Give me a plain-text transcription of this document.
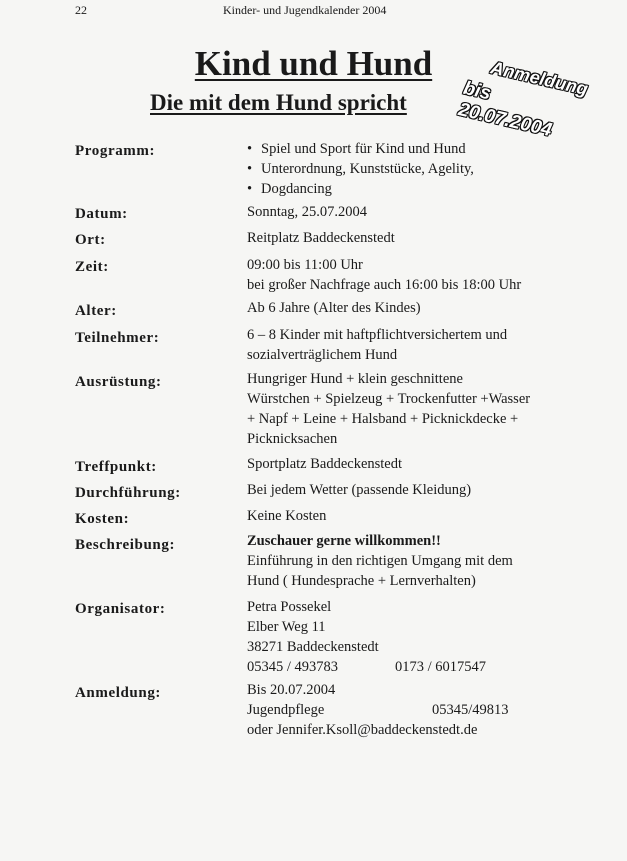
22	Kinder- und Jugendkalender 2004
Kind und Hund
Die mit dem Hund spricht
Anmeldung
bis 20.07.2004
Programm:
•	Spiel und Sport für Kind und Hund
• Unterordnung, Kunststücke, Agelity,
• Dogdancing
Datum:	Sonntag, 25.07.2004
Ort:	Reitplatz Baddeckenstedt
Zeit:	09:00 bis 11:00 Uhr
bei großer Nachfrage auch 16:00 bis 18:00 Uhr
Alter:	Ab 6 Jahre (Alter des Kindes)
Teilnehmer:	6 – 8 Kinder mit haftpflichtversichertem und
sozialverträglichem Hund
Ausrüstung:	Hungriger Hund + klein geschnittene
Würstchen + Spielzeug + Trockenfutter +Wasser
+ Napf + Leine + Halsband + Picknickdecke +
Picknicksachen
Treffpunkt:	Sportplatz Baddeckenstedt
Durchführung:	Bei jedem Wetter (passende Kleidung)
Kosten:	Keine Kosten
Beschreibung:	Zuschauer gerne willkommen!!
Einführung in den richtigen Umgang mit dem
Hund ( Hundesprache + Lernverhalten)
Organisator:	Petra Possekel
Elber Weg 11
38271 Baddeckenstedt
05345 / 493783	0173 / 6017547
Anmeldung:	Bis 20.07.2004
Jugendpflege	05345/49813
oder Jennifer.Ksoll@baddeckenstedt.de
